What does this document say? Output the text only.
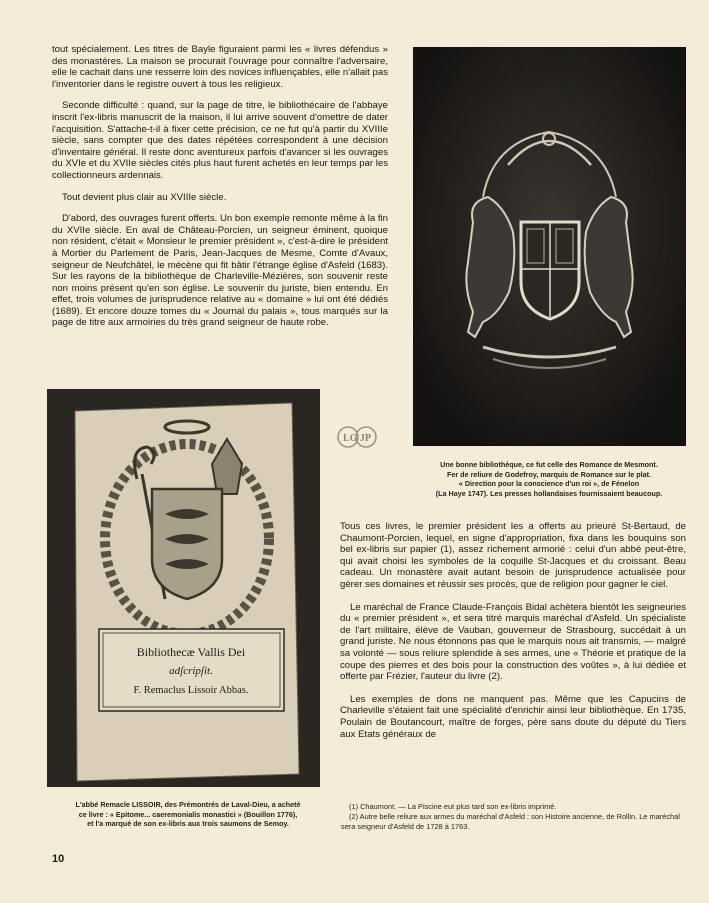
tout spécialement. Les titres de Bayle figuraient parmi les « livres défendus » des monastères. La maison se procurait l'ouvrage pour connaître l'adversaire, elle le cachait dans une resserre loin des novices influençables, elle n'allait pas l'inventorier dans le registre ouvert à tous les religieux.

Seconde difficulté : quand, sur la page de titre, le bibliothécaire de l'abbaye inscrit l'ex-libris manuscrit de la maison, il lui arrive souvent d'omettre de dater l'acquisition. S'attache-t-il à fixer cette précision, ce ne fut qu'à partir du XVIIIe siècle, sans compter que des dates répétées correspondent à une décision d'inventaire général. Il reste donc aventureux parfois d'avancer si les ouvrages du XVIe et du XVIIe siècles cités plus haut furent achetés en leur temps par les collectionneurs ardennais.

Tout devient plus clair au XVIIIe siècle.

D'abord, des ouvrages furent offerts. Un bon exemple remonte même à la fin du XVIIe siècle. En aval de Château-Porcien, un seigneur éminent, quoique non résident, c'était « Monsieur le premier président », c'est-à-dire le président à Mortier du Parlement de Paris, Jean-Jacques de Mesme, Comte d'Avaux, seigneur de Neufchâtel, le mécène qui fit bâtir l'étrange église d'Asfeld (1683). Sur les rayons de la bibliothèque de Charleville-Mézières, son souvenir reste non moins présent qu'en son église. Le souvenir du juriste, bien entendu. En effet, trois volumes de jurisprudence relative au « domaine » lui ont été dédiés (1689). Et encore douze tomes du « Journal du palais », tous marqués sur la page de titre aux armoiries du très grand seigneur de haute robe.

Bibliothecæ Vallis Dei
adſcripſit.
F. Remaclus Lissoir Abbas.
LG JP
Une bonne bibliothèque, ce fut celle des Romance de Mesmont.
Fer de reliure de Godefroy, marquis de Romance sur le plat.
« Direction pour la conscience d'un roi », de Fénelon
(La Haye 1747). Les presses hollandaises fournissaient beaucoup.

Tous ces livres, le premier président les a offerts au prieuré St-Bertaud, de Chaumont-Porcien, lequel, en signe d'appropriation, fixa dans les bouquins son bel ex-libris sur papier (1), assez richement armorié : celui d'un abbé peut-être, qui avait choisi les symboles de la coquille St-Jacques et du croissant. Beau cadeau. Un monastère avait autant besoin de jurisprudence actualisée pour gérer ses domaines et réussir ses procès, que de religion pour gagner le ciel.

Le maréchal de France Claude-François Bidal achètera bientôt les seigneuries du « premier président », et sera titré marquis maréchal d'Asfeld. Un spécialiste de l'art militaire, élève de Vauban, gouverneur de Strasbourg, succédait à un grand juriste. Ne nous étonnons pas que le marquis nous ait transmis, — malgré sa volonté — sous reliure splendide à ses armes, une « Théorie et pratique de la coupe des pierres et des bois pour la construction des voûtes », à lui dédiée et offerte par Frézier, l'auteur du livre (2).

Les exemples de dons ne manquent pas. Même que les Capucins de Charleville s'étaient fait une spécialité d'enrichir ainsi leur bibliothèque. En 1735, Poulain de Boutancourt, maître de forges, père sans doute du député du Tiers aux Etats généraux de

L'abbé Remacle LISSOIR, des Prémontrés de Laval-Dieu, a acheté
ce livre : « Epitome... caeremonialis monastici » (Bouillon 1776),
et l'a marqué de son ex-libris aux trois saumons de Semoy.
(1) Chaumont. — La Piscine eut plus tard son ex-libris imprimé.
(2) Autre belle reliure aux armes du maréchal d'Asfeld : son Histoire ancienne, de Rollin. Le maréchal sera seigneur d'Asfeld de 1728 à 1763.
10
